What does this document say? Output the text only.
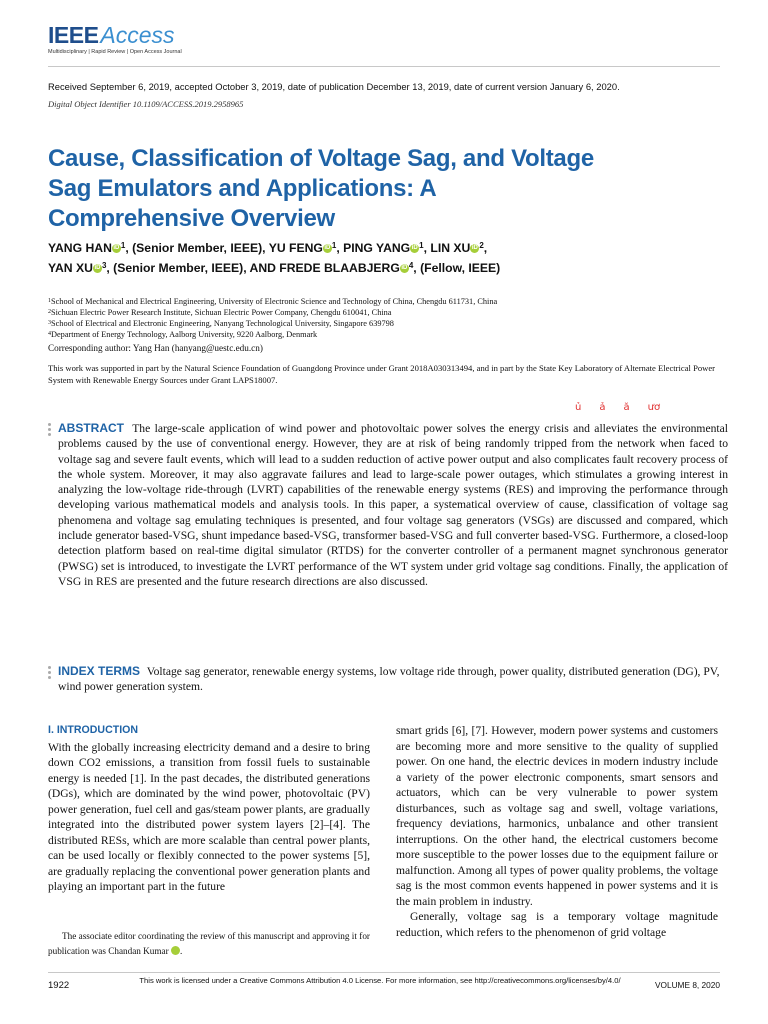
IEEEAccess
Multidisciplinary | Rapid Review | Open Access Journal
Received September 6, 2019, accepted October 3, 2019, date of publication December 13, 2019, date of current version January 6, 2020.
Digital Object Identifier 10.1109/ACCESS.2019.2958965
Cause, Classification of Voltage Sag, and Voltage Sag Emulators and Applications: A Comprehensive Overview
YANG HAN iD $^1$, (Senior Member, IEEE), YU FENG iD $^1$, PING YANG iD $^1$, LIN XU iD $^2$,
YAN XU iD $^3$, (Senior Member, IEEE), AND FREDE BLAABJERG iD $^4$, (Fellow, IEEE)
$^1$School of Mechanical and Electrical Engineering, University of Electronic Science and Technology of China, Chengdu 611731, China
$^2$Sichuan Electric Power Research Institute, Sichuan Electric Power Company, Chengdu 610041, China
$^3$School of Electrical and Electronic Engineering, Nanyang Technological University, Singapore 639798
$^4$Department of Energy Technology, Aalborg University, 9220 Aalborg, Denmark
Corresponding author: Yang Han (hanyang@uestc.edu.cn)
This work was supported in part by the Natural Science Foundation of Guangdong Province under Grant 2018A030313494, and in part by the State Key Laboratory of Alternate Electrical Power System with Renewable Energy Sources under Grant LAPS18007.
ủ ả ă ươ
ABSTRACT The large-scale application of wind power and photovoltaic power solves the energy crisis and alleviates the environmental problems caused by the use of conventional energy. However, they are at risk of being randomly tripped from the network when faced to voltage sag and severe fault events, which will lead to a sudden reduction of active power output and also complicates fault recovery process of the whole system. Moreover, it may also aggravate failures and lead to large-scale power outages, which stimulates a growing interest in analyzing the low-voltage ride-through (LVRT) capabilities of the renewable energy systems (RES) and improving the performance through developing various mathematical models and analysis tools. In this paper, a systematical overview of cause, classification of voltage sag phenomena and voltage sag emulating techniques is presented, and four voltage sag generators (VSGs) are discussed and compared, which include generator based-VSG, shunt impedance based-VSG, transformer based-VSG and full converter based-VSG. Furthermore, a closed-loop detection platform based on real-time digital simulator (RTDS) for the converter controller of a permanent magnet synchronous generator (PWSG) set is introduced, to investigate the LVRT performance of the WT system under grid voltage sag conditions. Finally, the application of VSG in RES are presented and the future research directions are also discussed.
INDEX TERMS Voltage sag generator, renewable energy systems, low voltage ride through, power quality, distributed generation (DG), PV, wind power generation system.
I. INTRODUCTION
With the globally increasing electricity demand and a desire to bring down CO2 emissions, a transition from fossil fuels to sustainable energy is needed [1]. In the past decades, the distributed generations (DGs), which are dominated by the wind power, photovoltaic (PV) power generation, fuel cell and gas/steam power plants, are gradually integrated into the distributed power system layers [2]–[4]. The distributed RESs, which are more scalable than central power plants, can be used locally or flexibly connected to the power systems [5], are gradually replacing the conventional power generation plants and playing an important part in the future
The associate editor coordinating the review of this manuscript and approving it for publication was Chandan Kumar	iD.
smart grids [6], [7]. However, modern power systems and customers are becoming more and more sensitive to the quality of supplied power. On one hand, the electric devices in modern industry include a variety of the power electronic components, smart sensors and actuators, which can be very vulnerable to power system disturbances, such as voltage sag and swell, voltage variations, frequency deviations, harmonics, unbalance and other transient interruptions. On the other hand, the electrical customers become more susceptible to the power losses due to the equipment failure or malfunction. Among all types of power quality problems, the voltage sag is the most common events happened in power systems and it is the main problem in industry.
Generally, voltage sag is a temporary voltage magnitude reduction, which refers to the phenomenon of grid voltage
1922	This work is licensed under a Creative Commons Attribution 4.0 License. For more information, see http://creativecommons.org/licenses/by/4.0/	VOLUME 8, 2020
